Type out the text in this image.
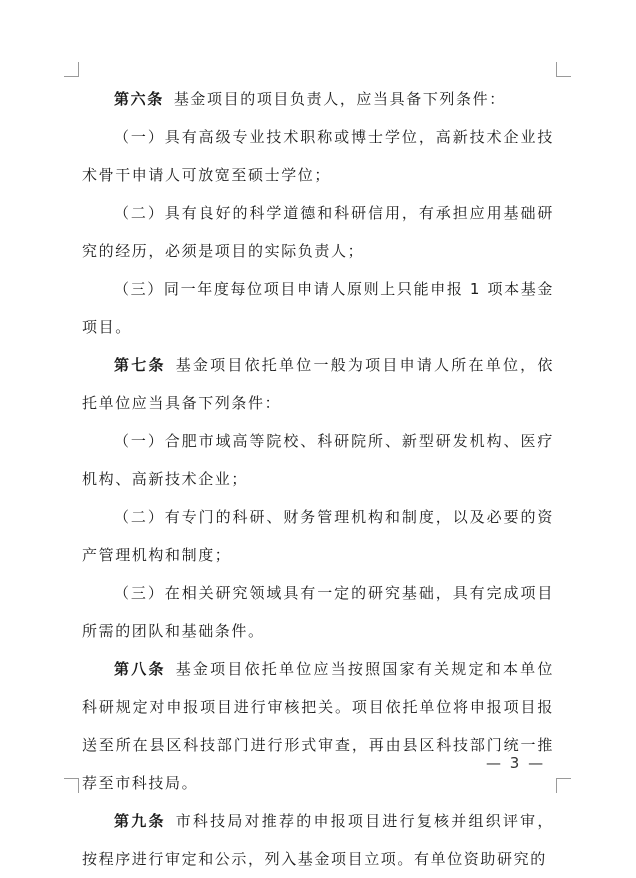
第六条 基金项目的项目负责人，应当具备下列条件：

（一）具有高级专业技术职称或博士学位，高新技术企业技术骨干申请人可放宽至硕士学位；

（二）具有良好的科学道德和科研信用，有承担应用基础研究的经历，必须是项目的实际负责人；

（三）同一年度每位项目申请人原则上只能申报 1 项本基金项目。

第七条 基金项目依托单位一般为项目申请人所在单位，依托单位应当具备下列条件：

（一）合肥市域高等院校、科研院所、新型研发机构、医疗机构、高新技术企业；

（二）有专门的科研、财务管理机构和制度，以及必要的资产管理机构和制度；

（三）在相关研究领域具有一定的研究基础，具有完成项目所需的团队和基础条件。

第八条 基金项目依托单位应当按照国家有关规定和本单位科研规定对申报项目进行审核把关。项目依托单位将申报项目报送至所在县区科技部门进行形式审查，再由县区科技部门统一推荐至市科技局。

第九条 市科技局对推荐的申报项目进行复核并组织评审，按程序进行审定和公示，列入基金项目立项。有单位资助研究的

— 3 —
